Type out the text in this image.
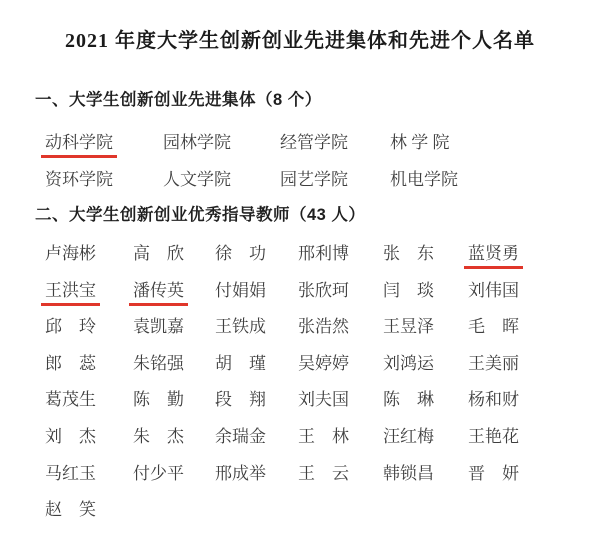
2021 年度大学生创新创业先进集体和先进个人名单
一、大学生创新创业先进集体（8 个）
动科学院	园林学院	经管学院 林 学 院
资环学院	人文学院	园艺学院 机电学院
二、大学生创新创业优秀指导教师（43 人）
卢海彬 高　欣 徐　功 邢利博 张　东 蓝贤勇
王洪宝 潘传英 付娟娟 张欣珂 闫　琰 刘伟国
邱　玲 袁凯嘉 王铁成 张浩然 王昱泽 毛　晖
郎　蕊 朱铭强 胡　瑾 吴婷婷 刘鸿运 王美丽
葛茂生 陈　勤 段　翔 刘夫国 陈　琳 杨和财
刘　杰 朱　杰 余瑞金 王　林 汪红梅 王艳花
马红玉 付少平 邢成举 王　云 韩锁昌 晋　妍
赵　笑
